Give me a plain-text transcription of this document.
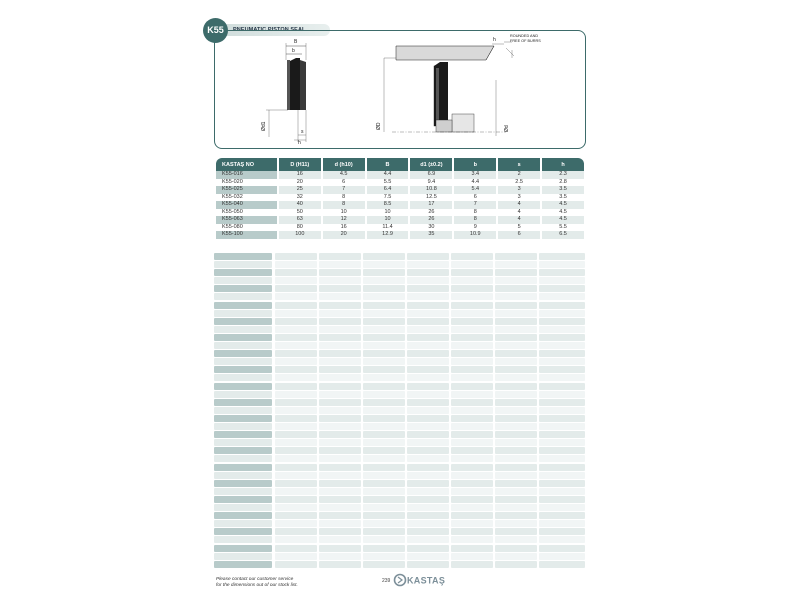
PNEUMATIC PISTON SEAL
K55
B
b
Ød1
s
h
ØD	Ød
h
ROUNDED AND
FREE OF BURRS
KASTAŞ NO	D (H11)	d (h10)	B	d1 (±0.2)	b	s	h
K55-016	16	4.5	4.4	6.9	3.4	2	2.3
K55-020	20	6	5.5	9.4	4.4	2.5	2.8
K55-025	25	7	6.4	10.8	5.4	3	3.5
K55-032	32	8	7.5	12.5	6	3	3.5
K55-040	40	8	8.5	17	7	4	4.5
K55-050	50	10	10	26	8	4	4.5
K55-063	63	12	10	26	8	4	4.5
K55-080	80	16	11.4	30	9	5	5.5
K55-100	100	20	12.9	35	10.9	6	6.5
Please contact our customer service
for the dimensions out of our stock list.
239 KASTAŞ
